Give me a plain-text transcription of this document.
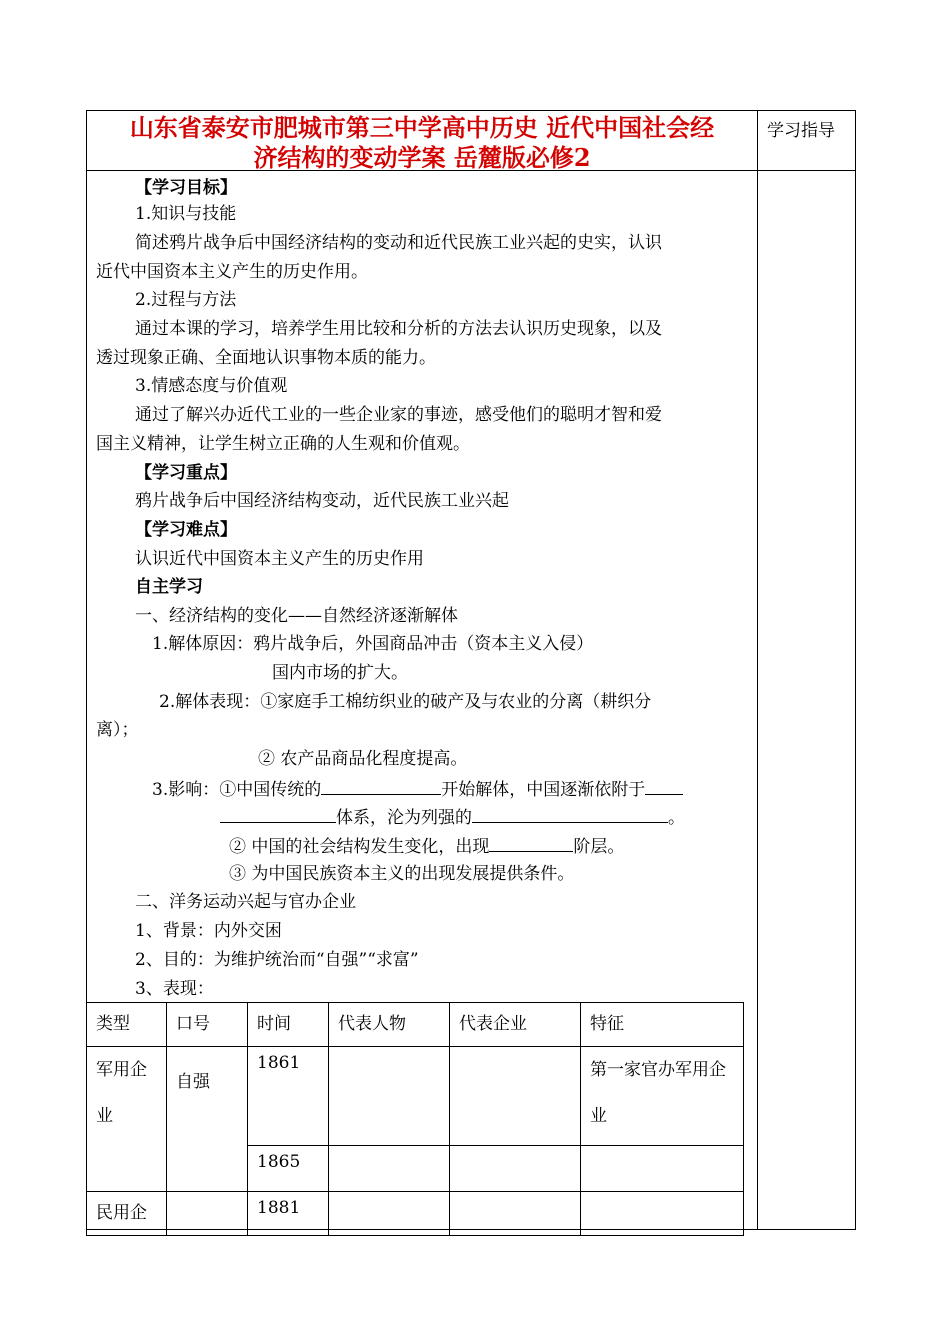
山东省泰安市肥城市第三中学高中历史 近代中国社会经
济结构的变动学案 岳麓版必修2
学习指导
【学习目标】
1.知识与技能
简述鸦片战争后中国经济结构的变动和近代民族工业兴起的史实，认识
近代中国资本主义产生的历史作用。
2.过程与方法
通过本课的学习，培养学生用比较和分析的方法去认识历史现象，以及
透过现象正确、全面地认识事物本质的能力。
3.情感态度与价值观
通过了解兴办近代工业的一些企业家的事迹，感受他们的聪明才智和爱
国主义精神，让学生树立正确的人生观和价值观。
【学习重点】
鸦片战争后中国经济结构变动，近代民族工业兴起
【学习难点】
认识近代中国资本主义产生的历史作用
自主学习
一、经济结构的变化——自然经济逐渐解体
1.解体原因：鸦片战争后，外国商品冲击（资本主义入侵）
国内市场的扩大。
2.解体表现：①家庭手工棉纺织业的破产及与农业的分离（耕织分
离）；
② 农产品商品化程度提高。
3.影响：①中国传统的	开始解体，中国逐渐依附于
体系，沦为列强的	。
② 中国的社会结构发生变化，出现	阶层。
③ 为中国民族资本主义的出现发展提供条件。
二、洋务运动兴起与官办企业
1、背景：内外交困
2、目的：为维护统治而“自强”“求富”
3、表现：
类型	口号	时间	代表人物	代表企业	特征
军用企业	自强	1861			第一家官办军用企业
		1865			
民用企		1881			
